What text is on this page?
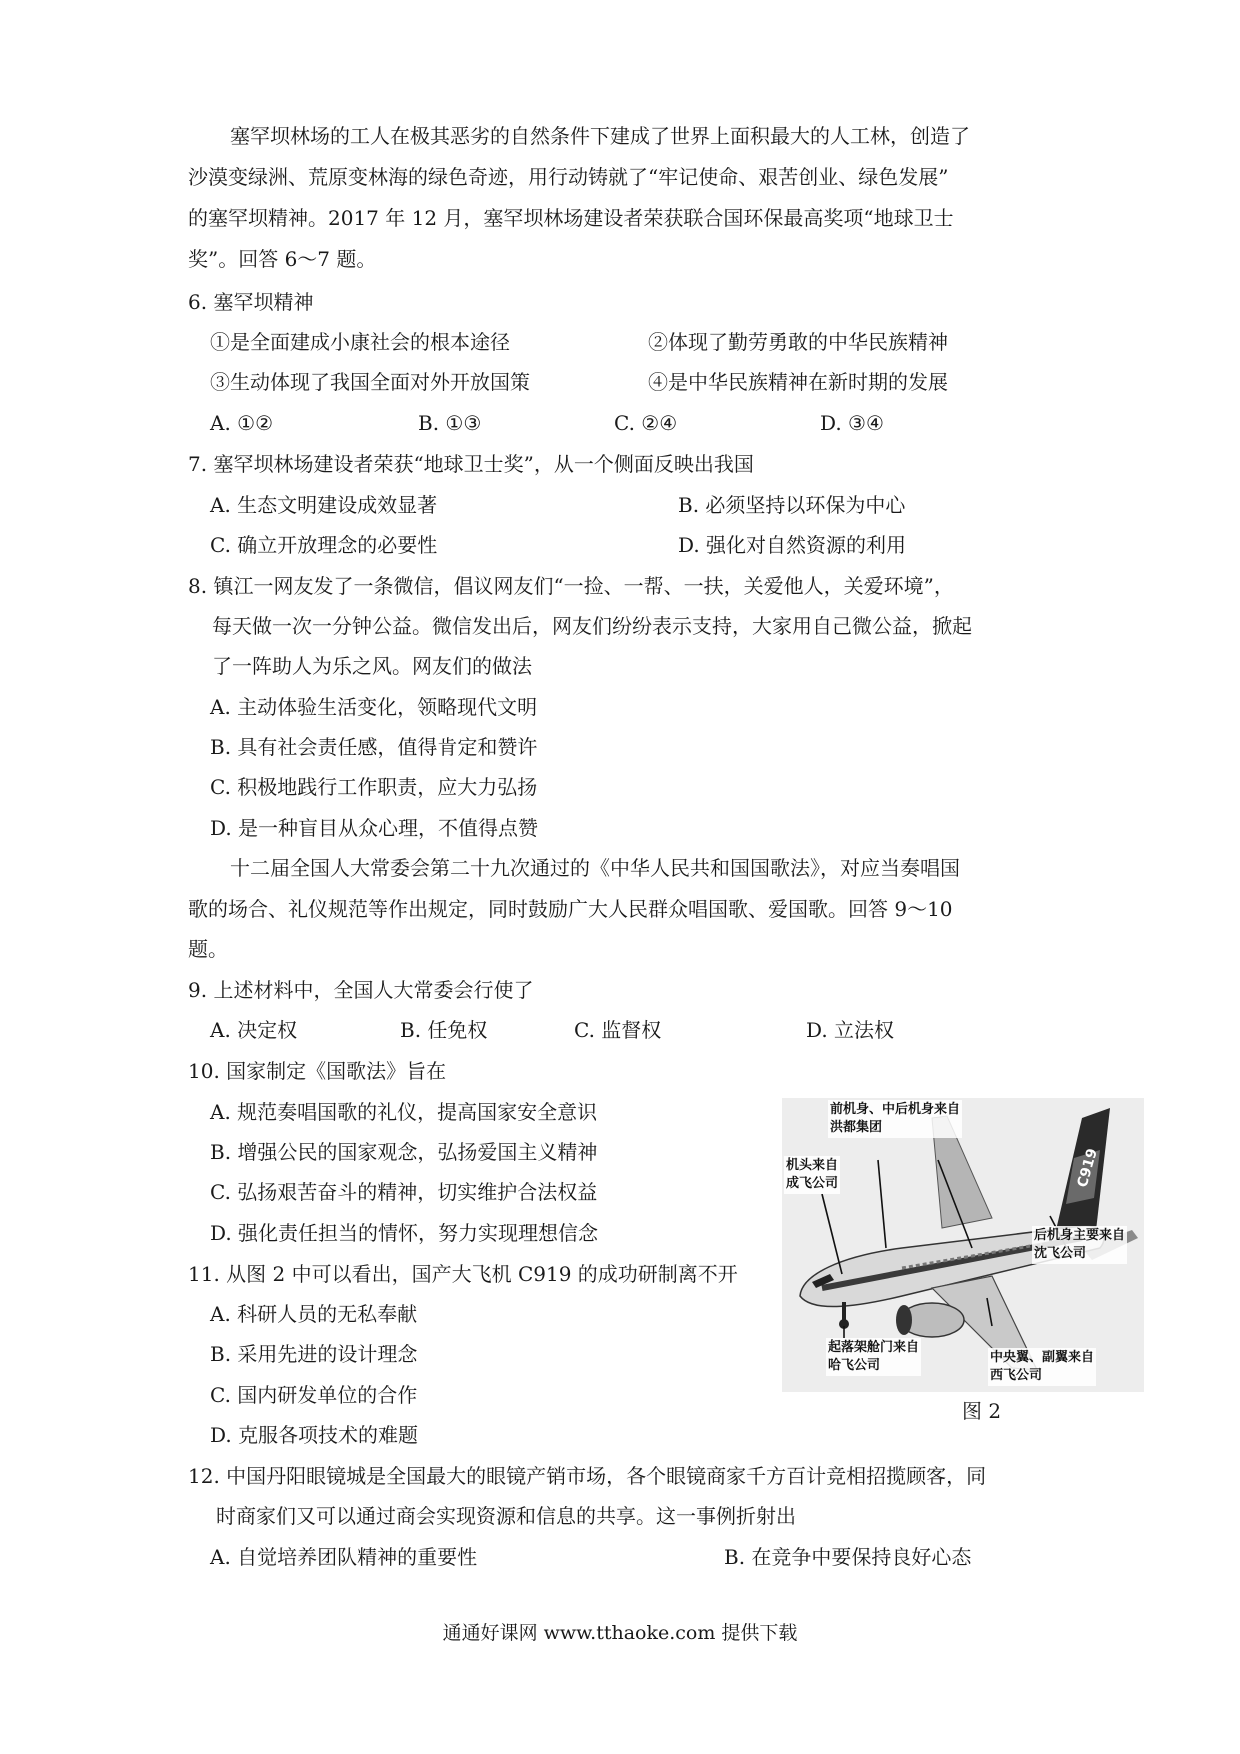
塞罕坝林场的工人在极其恶劣的自然条件下建成了世界上面积最大的人工林，创造了
沙漠变绿洲、荒原变林海的绿色奇迹，用行动铸就了“牢记使命、艰苦创业、绿色发展”
的塞罕坝精神。2017 年 12 月，塞罕坝林场建设者荣获联合国环保最高奖项“地球卫士
奖”。回答 6～7 题。
6. 塞罕坝精神
①是全面建成小康社会的根本途径	②体现了勤劳勇敢的中华民族精神
③生动体现了我国全面对外开放国策	④是中华民族精神在新时期的发展
A. ①②	B. ①③	C. ②④	D. ③④
7. 塞罕坝林场建设者荣获“地球卫士奖”，从一个侧面反映出我国
A. 生态文明建设成效显著	B. 必须坚持以环保为中心
C. 确立开放理念的必要性	D. 强化对自然资源的利用
8. 镇江一网友发了一条微信，倡议网友们“一捡、一帮、一扶，关爱他人，关爱环境”，
每天做一次一分钟公益。微信发出后，网友们纷纷表示支持，大家用自己微公益，掀起
了一阵助人为乐之风。网友们的做法
A. 主动体验生活变化，领略现代文明
B. 具有社会责任感，值得肯定和赞许
C. 积极地践行工作职责，应大力弘扬
D. 是一种盲目从众心理，不值得点赞
十二届全国人大常委会第二十九次通过的《中华人民共和国国歌法》，对应当奏唱国
歌的场合、礼仪规范等作出规定，同时鼓励广大人民群众唱国歌、爱国歌。回答 9～10
题。
9. 上述材料中，全国人大常委会行使了
A. 决定权	B. 任免权	C. 监督权	D. 立法权
10. 国家制定《国歌法》旨在
A. 规范奏唱国歌的礼仪，提高国家安全意识
B. 增强公民的国家观念，弘扬爱国主义精神
C. 弘扬艰苦奋斗的精神，切实维护合法权益
D. 强化责任担当的情怀，努力实现理想信念
11. 从图 2 中可以看出，国产大飞机 C919 的成功研制离不开
A. 科研人员的无私奉献
B. 采用先进的设计理念
C. 国内研发单位的合作
D. 克服各项技术的难题
前机身、中后机身来自
洪都集团
机头来自
成飞公司
后机身主要来自
沈飞公司
起落架舱门来自
哈飞公司
中央翼、副翼来自
西飞公司
C919
图 2
12. 中国丹阳眼镜城是全国最大的眼镜产销市场，各个眼镜商家千方百计竞相招揽顾客，同
时商家们又可以通过商会实现资源和信息的共享。这一事例折射出
A. 自觉培养团队精神的重要性	B. 在竞争中要保持良好心态
通通好课网 www.tthaoke.com 提供下载
